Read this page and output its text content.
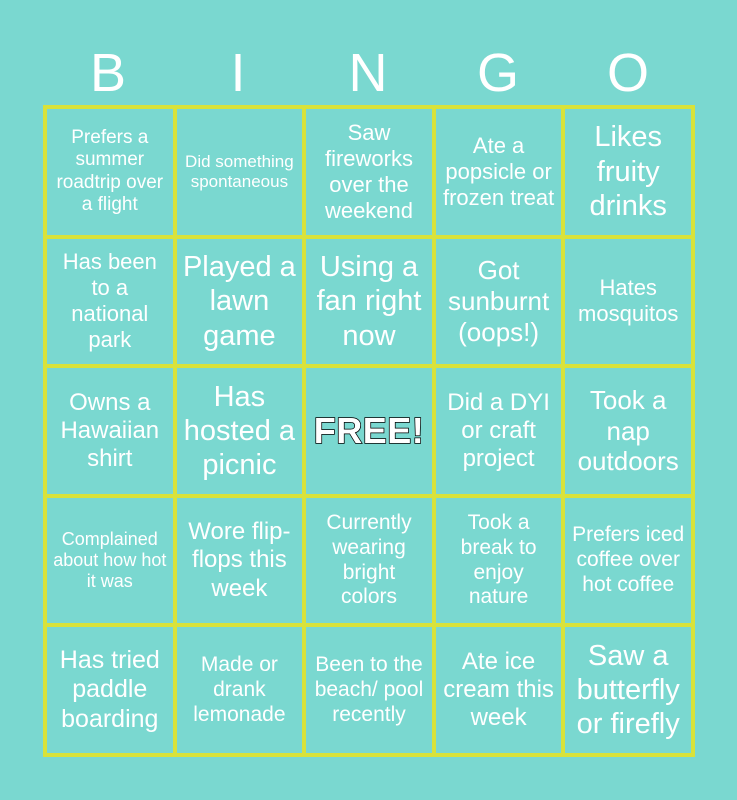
B	I	N	G	O
Prefers a summer roadtrip over a flight
Did something spontaneous
Saw fireworks over the weekend
Ate a popsicle or frozen treat
Likes fruity drinks
Has been to a national park
Played a lawn game
Using a fan right now
Got sunburnt (oops!)
Hates mosquitos
Owns a Hawaiian shirt
Has hosted a picnic
FREE!
Did a DYI or craft project
Took a nap outdoors
Complained about how hot it was
Wore flip-flops this week
Currently wearing bright colors
Took a break to enjoy nature
Prefers iced coffee over hot coffee
Has tried paddle boarding
Made or drank lemonade
Been to the beach/ pool recently
Ate ice cream this week
Saw a butterfly or firefly
